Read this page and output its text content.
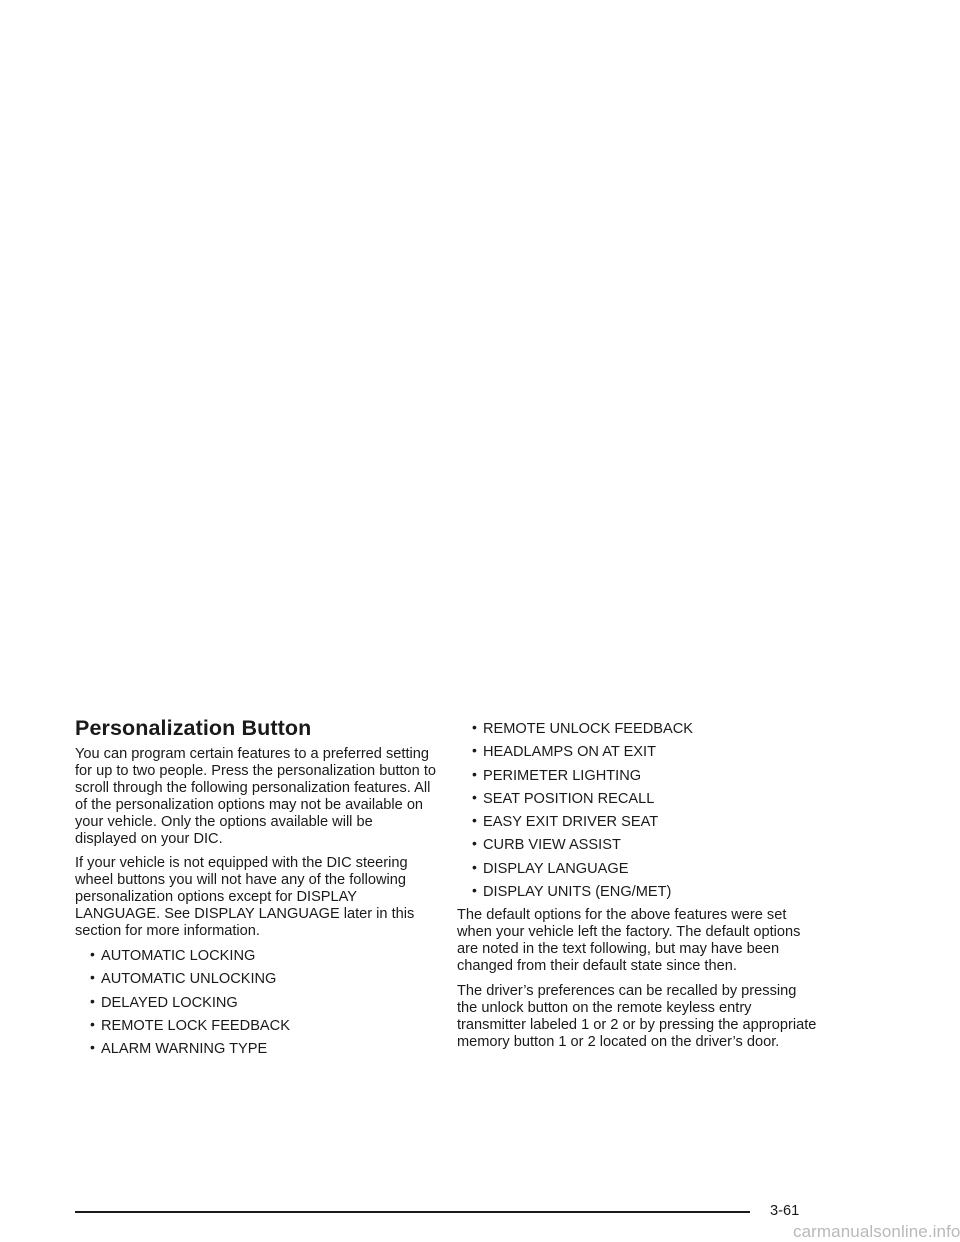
Personalization Button

You can program certain features to a preferred setting for up to two people. Press the personalization button to scroll through the following personalization features. All of the personalization options may not be available on your vehicle. Only the options available will be displayed on your DIC.

If your vehicle is not equipped with the DIC steering wheel buttons you will not have any of the following personalization options except for DISPLAY LANGUAGE. See DISPLAY LANGUAGE later in this section for more information.

• AUTOMATIC LOCKING
• AUTOMATIC UNLOCKING
• DELAYED LOCKING
• REMOTE LOCK FEEDBACK
• ALARM WARNING TYPE
• REMOTE UNLOCK FEEDBACK
• HEADLAMPS ON AT EXIT
• PERIMETER LIGHTING
• SEAT POSITION RECALL
• EASY EXIT DRIVER SEAT
• CURB VIEW ASSIST
• DISPLAY LANGUAGE
• DISPLAY UNITS (ENG/MET)

The default options for the above features were set when your vehicle left the factory. The default options are noted in the text following, but may have been changed from their default state since then.

The driver’s preferences can be recalled by pressing the unlock button on the remote keyless entry transmitter labeled 1 or 2 or by pressing the appropriate memory button 1 or 2 located on the driver’s door.

3-61
carmanualsonline.info
